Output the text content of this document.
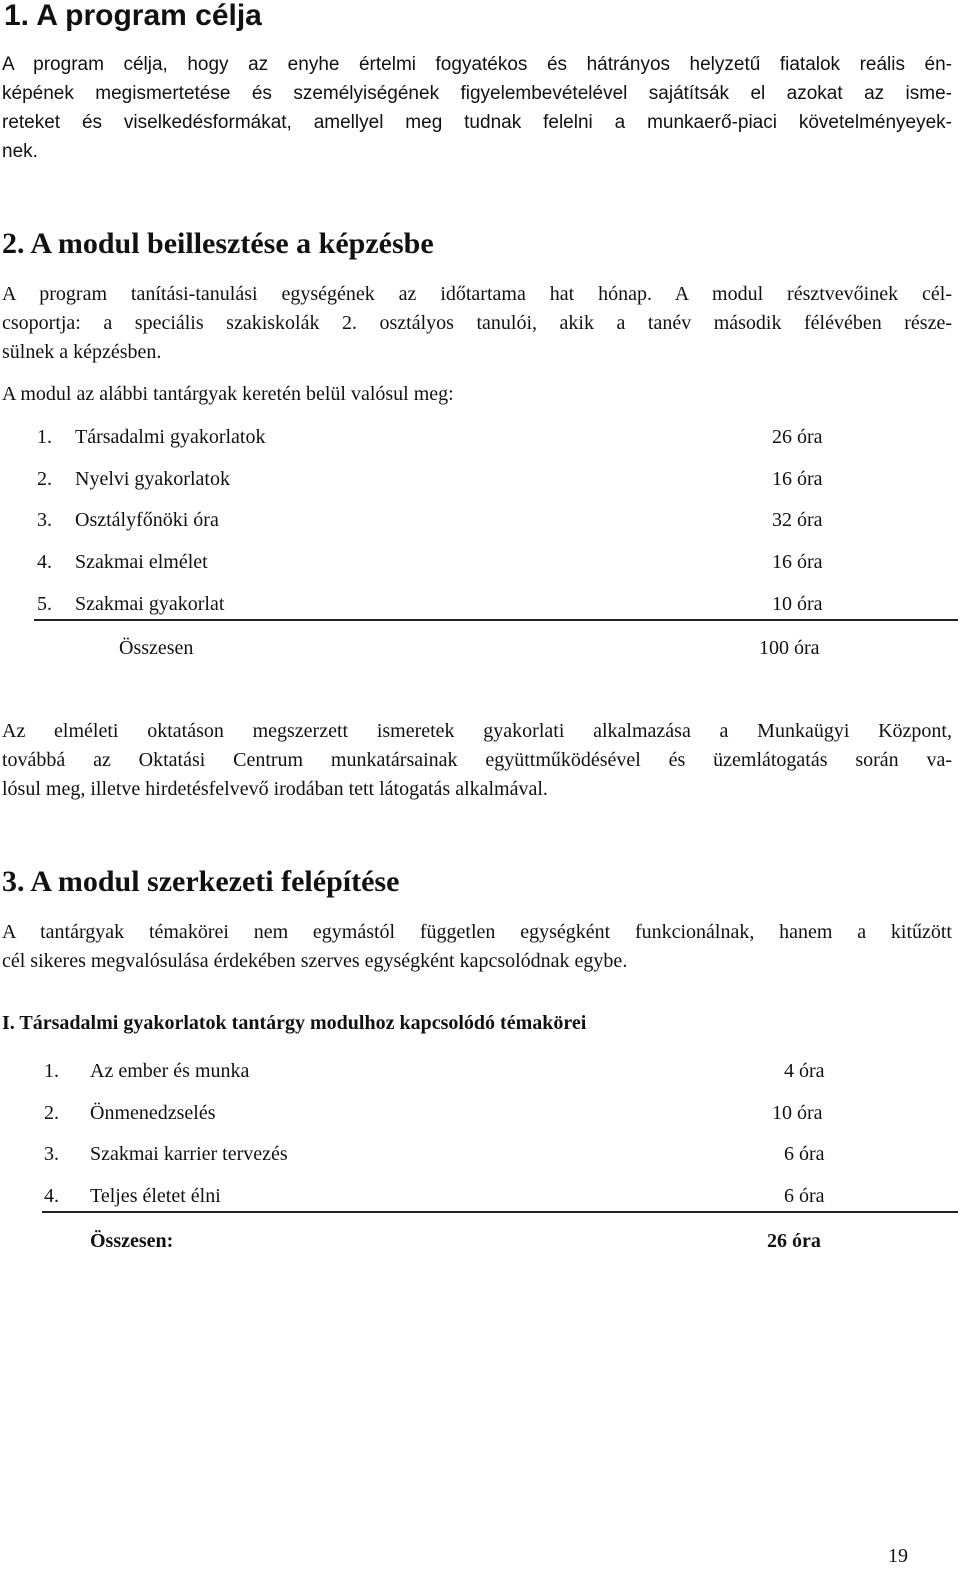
1. A program célja
A program célja, hogy az enyhe értelmi fogyatékos és hátrányos helyzetű fiatalok reális én-
képének megismertetése és személyiségének figyelembevételével sajátítsák el azokat az isme-
reteket és viselkedésformákat, amellyel meg tudnak felelni a munkaerő-piaci követelményeyek-
nek.
2. A modul beillesztése a képzésbe
A program tanítási-tanulási egységének az időtartama hat hónap. A modul résztvevőinek cél-
csoportja: a speciális szakiskolák 2. osztályos tanulói, akik a tanév második félévében része-
sülnek a képzésben.
A modul az alábbi tantárgyak keretén belül valósul meg:
1. Társadalmi gyakorlatok	26 óra
2. Nyelvi gyakorlatok	16 óra
3. Osztályfőnöki óra	32 óra
4. Szakmai elmélet	16 óra
5. Szakmai gyakorlat	10 óra
Összesen	100 óra
Az elméleti oktatáson megszerzett ismeretek gyakorlati alkalmazása a Munkaügyi Központ,
továbbá az Oktatási Centrum munkatársainak együttműködésével és üzemlátogatás során va-
lósul meg, illetve hirdetésfelvevő irodában tett látogatás alkalmával.
3. A modul szerkezeti felépítése
A tantárgyak témakörei nem egymástól független egységként funkcionálnak, hanem a kitűzött
cél sikeres megvalósulása érdekében szerves egységként kapcsolódnak egybe.
I. Társadalmi gyakorlatok tantárgy modulhoz kapcsolódó témakörei
1. Az ember és munka	4 óra
2. Önmenedzselés	10 óra
3. Szakmai karrier tervezés	6 óra
4. Teljes életet élni	6 óra
Összesen:	26 óra
19
